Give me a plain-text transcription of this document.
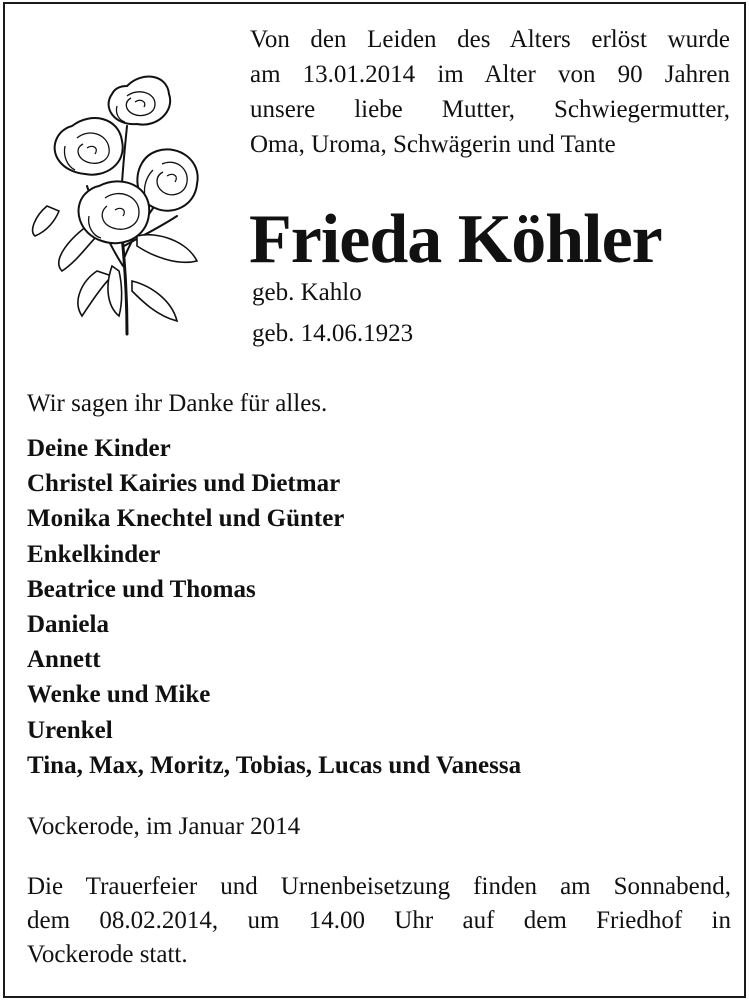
Von den Leiden des Alters erlöst wurde
am 13.01.2014 im Alter von 90 Jahren
unsere liebe Mutter, Schwiegermutter,
Oma, Uroma, Schwägerin und Tante
Frieda Köhler
geb. Kahlo
geb. 14.06.1923
Wir sagen ihr Danke für alles.
Deine Kinder
Christel Kairies und Dietmar
Monika Knechtel und Günter
Enkelkinder
Beatrice und Thomas
Daniela
Annett
Wenke und Mike
Urenkel
Tina, Max, Moritz, Tobias, Lucas und Vanessa
Vockerode, im Januar 2014
Die Trauerfeier und Urnenbeisetzung finden am Sonnabend,
dem 08.02.2014, um 14.00 Uhr auf dem Friedhof in
Vockerode statt.
